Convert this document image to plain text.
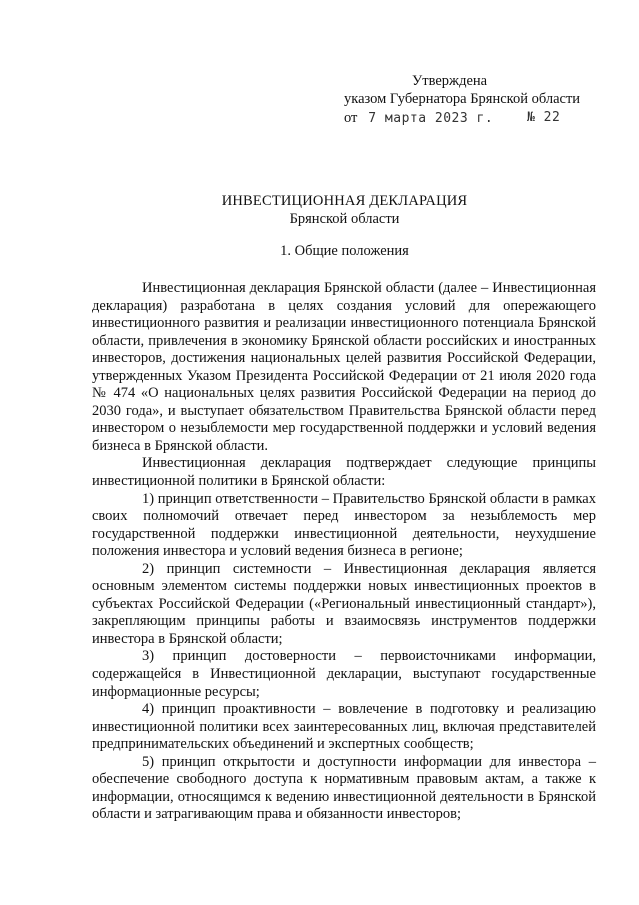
Утверждена
указом Губернатора Брянской области
от 7 марта 2023 г.	№ 22
ИНВЕСТИЦИОННАЯ ДЕКЛАРАЦИЯ
Брянской области
1. Общие положения

Инвестиционная декларация Брянской области (далее – Инвестиционная декларация) разработана в целях создания условий для опережающего инвестиционного развития и реализации инвестиционного потенциала Брянской области, привлечения в экономику Брянской области российских и иностранных инвесторов, достижения национальных целей развития Российской Федерации, утвержденных Указом Президента Российской Федерации от 21 июля 2020 года № 474 «О национальных целях развития Российской Федерации на период до 2030 года», и выступает обязательством Правительства Брянской области перед инвестором о незыблемости мер государственной поддержки и условий ведения бизнеса в Брянской области.

Инвестиционная декларация подтверждает следующие принципы инвестиционной политики в Брянской области:

1) принцип ответственности – Правительство Брянской области в рамках своих полномочий отвечает перед инвестором за незыблемость мер государственной поддержки инвестиционной деятельности, неухудшение положения инвестора и условий ведения бизнеса в регионе;

2) принцип системности – Инвестиционная декларация является основным элементом системы поддержки новых инвестиционных проектов в субъектах Российской Федерации («Региональный инвестиционный стандарт»), закрепляющим принципы работы и взаимосвязь инструментов поддержки инвестора в Брянской области;

3) принцип достоверности – первоисточниками информации, содержащейся в Инвестиционной декларации, выступают государственные информационные ресурсы;

4) принцип проактивности – вовлечение в подготовку и реализацию инвестиционной политики всех заинтересованных лиц, включая представителей предпринимательских объединений и экспертных сообществ;

5) принцип открытости и доступности информации для инвестора – обеспечение свободного доступа к нормативным правовым актам, а также к информации, относящимся к ведению инвестиционной деятельности в Брянской области и затрагивающим права и обязанности инвесторов;
